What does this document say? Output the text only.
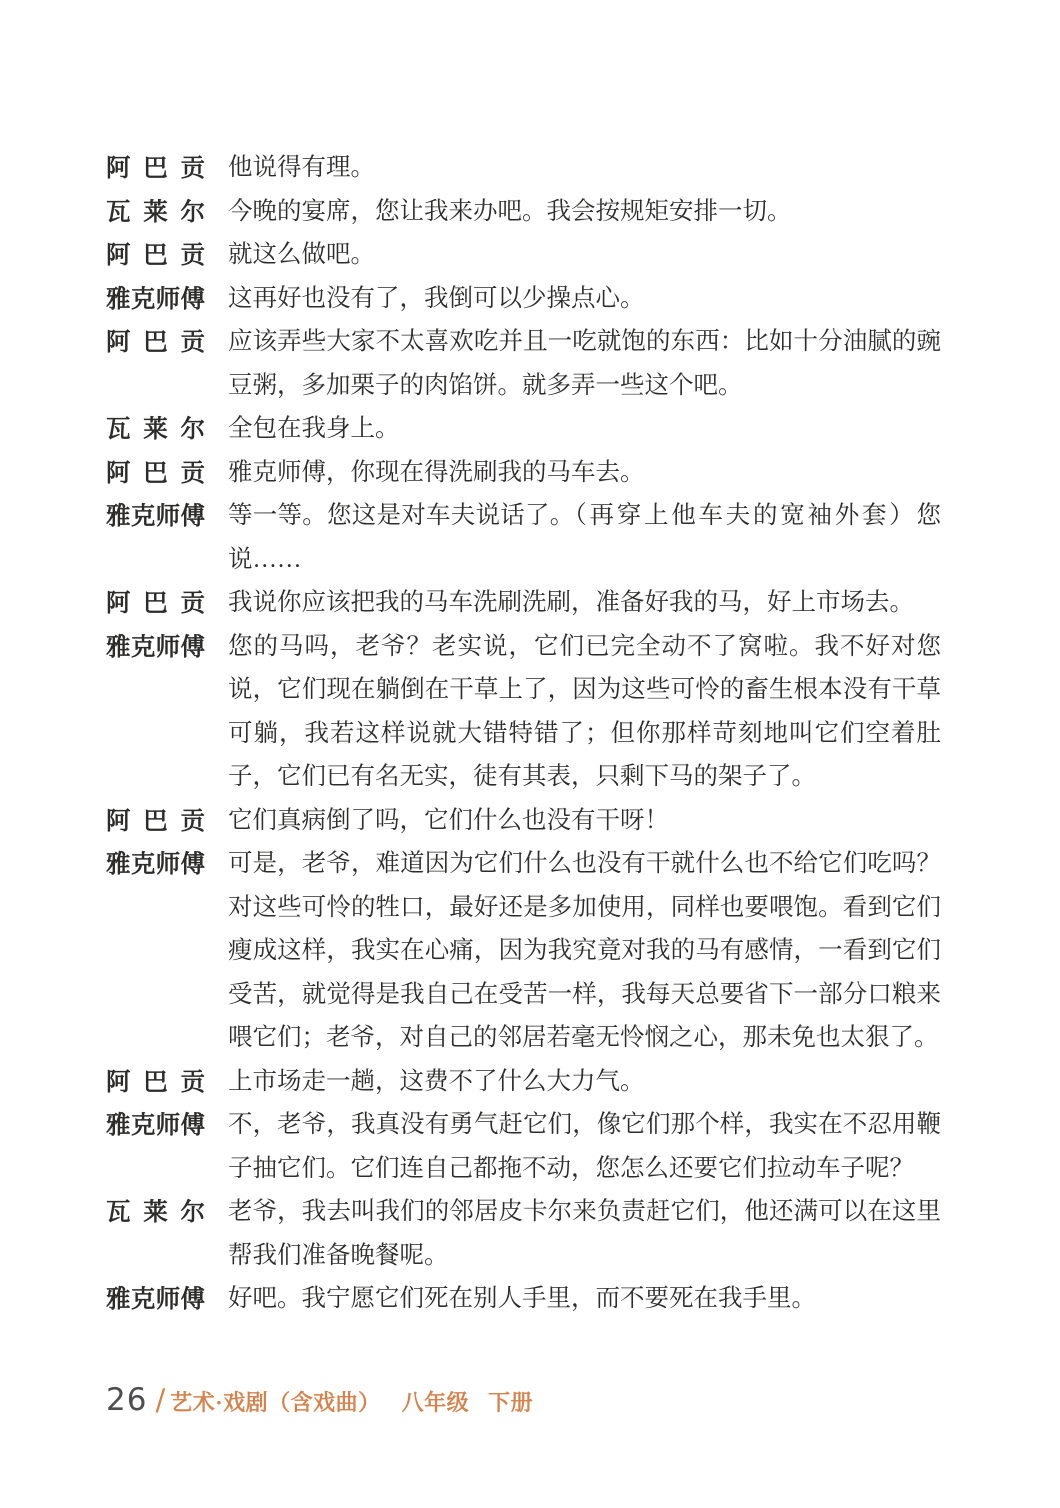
阿 巴 贡 他说得有理。
瓦 莱 尔 今晚的宴席，您让我来办吧。我会按规矩安排一切。
阿 巴 贡 就这么做吧。
雅 克 师 傅 这再好也没有了，我倒可以少操点心。
阿 巴 贡 应该弄些大家不太喜欢吃并且一吃就饱的东西：比如十分油腻的豌豆粥，多加栗子的肉馅饼。就多弄一些这个吧。
瓦 莱 尔 全包在我身上。
阿 巴 贡 雅克师傅，你现在得洗刷我的马车去。
雅 克 师 傅 等一等。您这是对车夫说话了。（再穿上他车夫的宽袖外套）您说……
阿 巴 贡 我说你应该把我的马车洗刷洗刷，准备好我的马，好上市场去。
雅 克 师 傅 您的马吗，老爷？老实说，它们已完全动不了窝啦。我不好对您说，它们现在躺倒在干草上了，因为这些可怜的畜生根本没有干草可躺，我若这样说就大错特错了；但你那样苛刻地叫它们空着肚子，它们已有名无实，徒有其表，只剩下马的架子了。
阿 巴 贡 它们真病倒了吗，它们什么也没有干呀！
雅 克 师 傅 可是，老爷，难道因为它们什么也没有干就什么也不给它们吃吗？对这些可怜的牲口，最好还是多加使用，同样也要喂饱。看到它们瘦成这样，我实在心痛，因为我究竟对我的马有感情，一看到它们受苦，就觉得是我自己在受苦一样，我每天总要省下一部分口粮来喂它们；老爷，对自己的邻居若毫无怜悯之心，那未免也太狠了。
阿 巴 贡 上市场走一趟，这费不了什么大力气。
雅 克 师 傅 不，老爷，我真没有勇气赶它们，像它们那个样，我实在不忍用鞭子抽它们。它们连自己都拖不动，您怎么还要它们拉动车子呢？
瓦 莱 尔 老爷，我去叫我们的邻居皮卡尔来负责赶它们，他还满可以在这里帮我们准备晚餐呢。
雅 克 师 傅 好吧。我宁愿它们死在别人手里，而不要死在我手里。
26 / 艺术·戏剧（含戏曲） 八年级 下册
